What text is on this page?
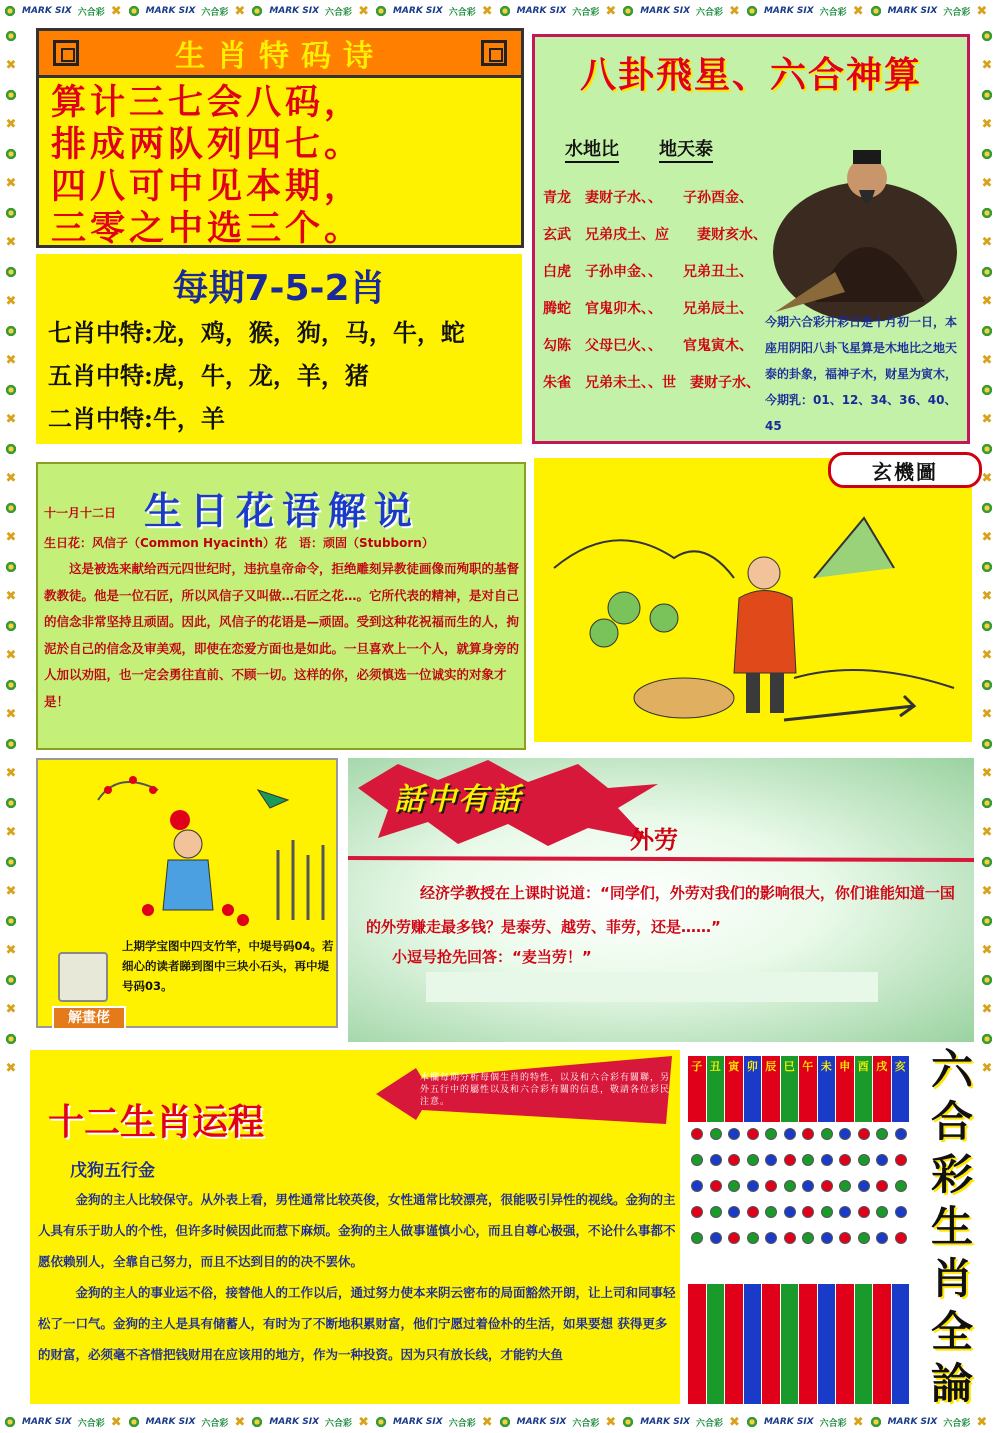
MARK SIX 六合彩 ✖	MARK SIX 六合彩 ✖	MARK SIX 六合彩 ✖	MARK SIX 六合彩 ✖	MARK SIX 六合彩 ✖	MARK SIX 六合彩 ✖	MARK SIX 六合彩 ✖	MARK SIX 六合彩 ✖
MARK SIX 六合彩 ✖	MARK SIX 六合彩 ✖	MARK SIX 六合彩 ✖	MARK SIX 六合彩 ✖	MARK SIX 六合彩 ✖	MARK SIX 六合彩 ✖	MARK SIX 六合彩 ✖	MARK SIX 六合彩 ✖
✖
✖
✖
✖
✖
✖
✖
✖
✖
✖
✖
✖
✖
✖
✖
✖
✖
✖
✖
✖
✖
✖
✖
✖
✖
✖
✖
✖
✖
✖
✖
✖
✖
✖
✖
✖
生肖特码诗
算计三七会八码，
排成两队列四七。
四八可中见本期，
三零之中选三个。
八卦飛星、六合神算
水地比 地天泰
青龙　妻财子水、、　　子孙酉金、
玄武　兄弟戌土、应　　妻财亥水、
白虎　子孙申金、、　　兄弟丑土、
腾蛇　官鬼卯木、、　　兄弟辰土、
勾陈　父母巳火、、　　官鬼寅木、
朱雀　兄弟未土、、世　妻财子水、
今期六合彩开彩日是十月初一日，本座用阴阳八卦飞星算是木地比之地天泰的卦象，福神子木，财星为寅木，今期乳：01、12、34、36、40、45
每期7-5-2肖
七肖中特:龙，鸡，猴，狗，马，牛，蛇
五肖中特:虎，牛，龙，羊，猪
二肖中特:牛，羊
十一月十二日 生日花语解说
生日花：风信子（Common Hyacinth）花　语：顽固（Stubborn）
这是被选来献给西元四世纪时，违抗皇帝命令，拒绝雕刻异教徒画像而殉职的基督教教徒。他是一位石匠，所以风信子又叫做…石匠之花…。它所代表的精神，是对自己的信念非常坚持且顽固。因此，风信子的花语是—顽固。受到这种花祝福而生的人，拘泥於自己的信念及审美观，即使在恋爱方面也是如此。一旦喜欢上一个人，就算身旁的人加以劝阻，也一定会勇往直前、不顾一切。这样的你，必须慎选一位诚实的对象才是！
玄機圖
上期学宝图中四支竹竿，中堤号码04。若细心的读者睇到图中三块小石头，再中堤号码03。
解畫佬
話中有話
外劳
经济学教授在上课时说道：“同学们，外劳对我们的影响很大，你们谁能知道一国的外劳赚走最多钱？是泰劳、越劳、菲劳，还是……”
小逗号抢先回答：“麦当劳！”
十二生肖运程
本欄每期分析每個生肖的特性，以及和六合彩有關聯，另外五行中的屬性以及和六合彩有關的信息，敬請各位彩民注意。
戊狗五行金
金狗的主人比较保守。从外表上看，男性通常比较英俊，女性通常比较漂亮，很能吸引异性的视线。金狗的主人具有乐于助人的个性，但许多时候因此而惹下麻烦。金狗的主人做事谨慎小心，而且自尊心极强，不论什么事都不愿依赖别人，全靠自己努力，而且不达到目的的决不罢休。
金狗的主人的事业运不俗，接替他人的工作以后，通过努力使本来阴云密布的局面豁然开朗，让上司和同事轻松了一口气。金狗的主人是具有储蓄人，有时为了不断地积累财富，他们宁愿过着俭朴的生活，如果要想 获得更多的财富，必须毫不吝惜把钱财用在应该用的地方，作为一种投资。因为只有放长线，才能钓大鱼
子 丑 寅 卯 辰 巳 午 未 申 酉 戌 亥 六
合
彩
生
肖
全
論
